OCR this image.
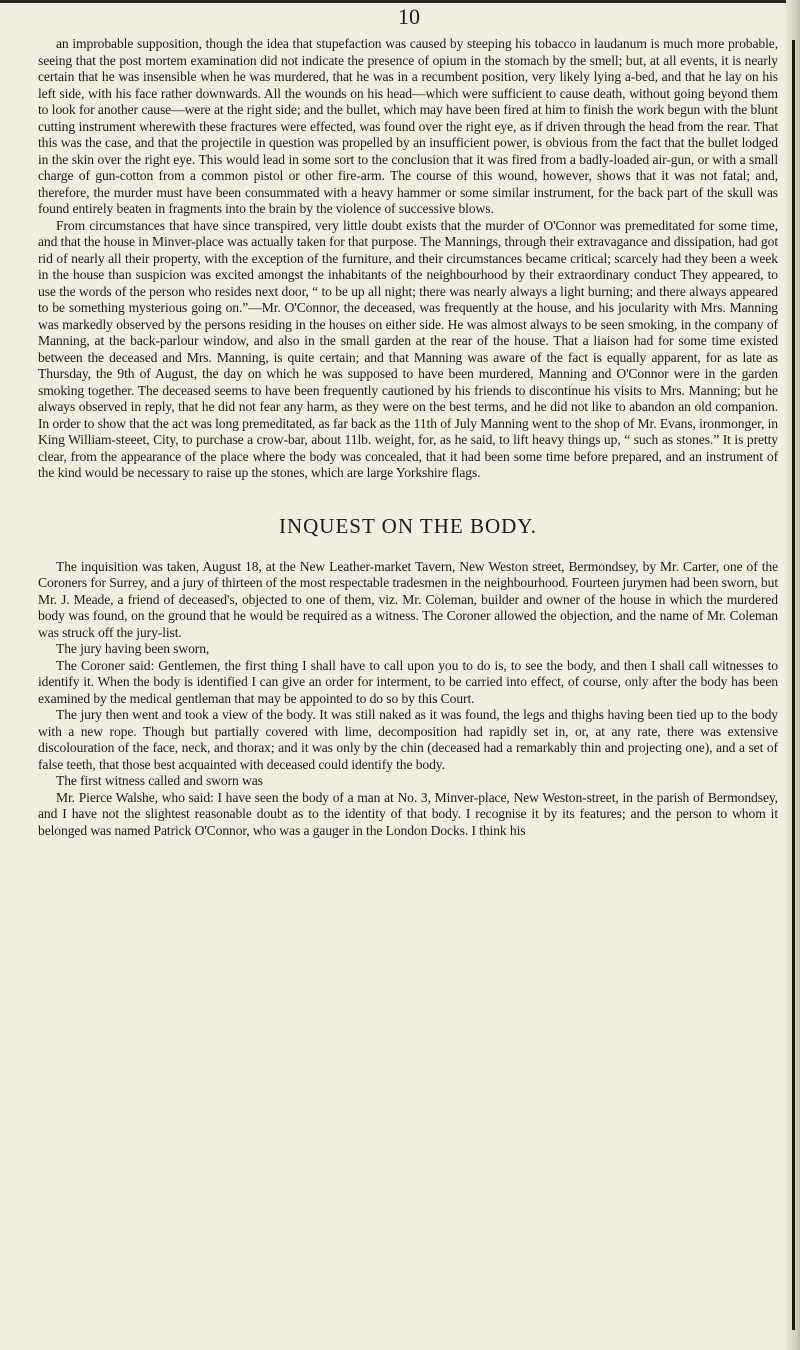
10

an improbable supposition, though the idea that stupefaction was caused by steeping his tobacco in laudanum is much more probable, seeing that the post mortem examination did not indicate the presence of opium in the stomach by the smell; but, at all events, it is nearly certain that he was insensible when he was murdered, that he was in a recumbent position, very likely lying a-bed, and that he lay on his left side, with his face rather downwards. All the wounds on his head—which were sufficient to cause death, without going beyond them to look for another cause—were at the right side; and the bullet, which may have been fired at him to finish the work begun with the blunt cutting instrument wherewith these fractures were effected, was found over the right eye, as if driven through the head from the rear. That this was the case, and that the projectile in question was propelled by an insufficient power, is obvious from the fact that the bullet lodged in the skin over the right eye. This would lead in some sort to the conclusion that it was fired from a badly-loaded air-gun, or with a small charge of gun-cotton from a common pistol or other fire-arm. The course of this wound, however, shows that it was not fatal; and, therefore, the murder must have been consummated with a heavy hammer or some similar instrument, for the back part of the skull was found entirely beaten in fragments into the brain by the violence of successive blows.

From circumstances that have since transpired, very little doubt exists that the murder of O'Connor was premeditated for some time, and that the house in Minver-place was actually taken for that purpose. The Mannings, through their extravagance and dissipation, had got rid of nearly all their property, with the exception of the furniture, and their circumstances became critical; scarcely had they been a week in the house than suspicion was excited amongst the inhabitants of the neighbourhood by their extraordinary conduct They appeared, to use the words of the person who resides next door, “ to be up all night; there was nearly always a light burning; and there always appeared to be something mysterious going on.”—Mr. O'Connor, the deceased, was frequently at the house, and his jocularity with Mrs. Manning was markedly observed by the persons residing in the houses on either side. He was almost always to be seen smoking, in the company of Manning, at the back-parlour window, and also in the small garden at the rear of the house. That a liaison had for some time existed between the deceased and Mrs. Manning, is quite certain; and that Manning was aware of the fact is equally apparent, for as late as Thursday, the 9th of August, the day on which he was supposed to have been murdered, Manning and O'Connor were in the garden smoking together. The deceased seems to have been frequently cautioned by his friends to discontinue his visits to Mrs. Manning; but he always observed in reply, that he did not fear any harm, as they were on the best terms, and he did not like to abandon an old companion. In order to show that the act was long premeditated, as far back as the 11th of July Manning went to the shop of Mr. Evans, ironmonger, in King William-steeet, City, to purchase a crow-bar, about 11lb. weight, for, as he said, to lift heavy things up, “ such as stones.” It is pretty clear, from the appearance of the place where the body was concealed, that it had been some time before prepared, and an instrument of the kind would be necessary to raise up the stones, which are large Yorkshire flags.

INQUEST ON THE BODY.

The inquisition was taken, August 18, at the New Leather-market Tavern, New Weston street, Bermondsey, by Mr. Carter, one of the Coroners for Surrey, and a jury of thirteen of the most respectable tradesmen in the neighbourhood. Fourteen jurymen had been sworn, but Mr. J. Meade, a friend of deceased's, objected to one of them, viz. Mr. Coleman, builder and owner of the house in which the murdered body was found, on the ground that he would be required as a witness. The Coroner allowed the objection, and the name of Mr. Coleman was struck off the jury-list.

The jury having been sworn,

The Coroner said: Gentlemen, the first thing I shall have to call upon you to do is, to see the body, and then I shall call witnesses to identify it. When the body is identified I can give an order for interment, to be carried into effect, of course, only after the body has been examined by the medical gentleman that may be appointed to do so by this Court.

The jury then went and took a view of the body. It was still naked as it was found, the legs and thighs having been tied up to the body with a new rope. Though but partially covered with lime, decomposition had rapidly set in, or, at any rate, there was extensive discolouration of the face, neck, and thorax; and it was only by the chin (deceased had a remarkably thin and projecting one), and a set of false teeth, that those best acquainted with deceased could identify the body.

The first witness called and sworn was

Mr. Pierce Walshe, who said: I have seen the body of a man at No. 3, Minver-place, New Weston-street, in the parish of Bermondsey, and I have not the slightest reasonable doubt as to the identity of that body. I recognise it by its features; and the person to whom it belonged was named Patrick O'Connor, who was a gauger in the London Docks. I think his
